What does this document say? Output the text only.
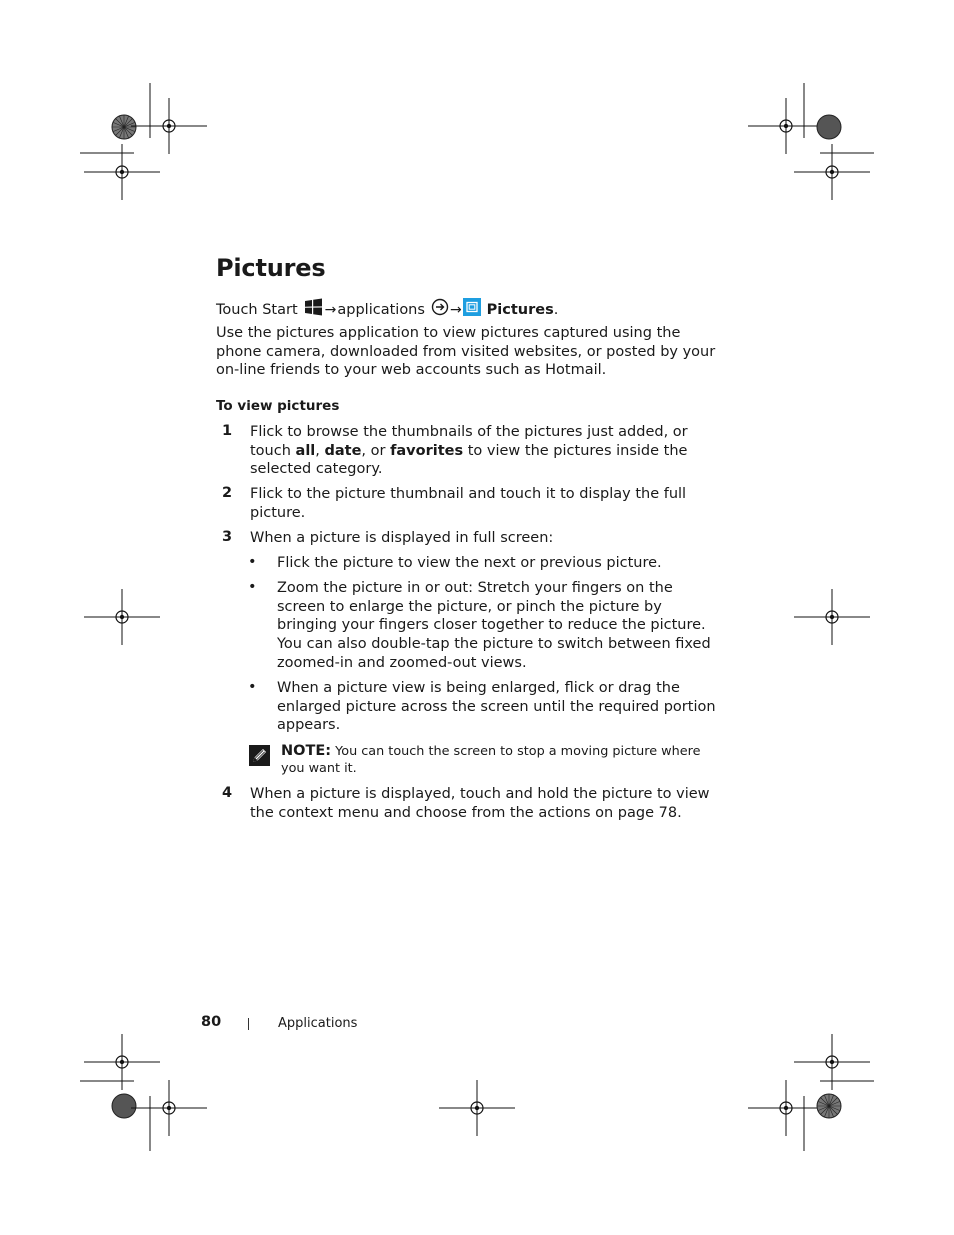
Pictures

Touch Start → applications → Pictures .

Use the pictures application to view pictures captured using the phone camera, downloaded from visited websites, or posted by your on-line friends to your web accounts such as Hotmail.

To view pictures
1 Flick to browse the thumbnails of the pictures just added, or touch all, date, or favorites to view the pictures inside the selected category.
2 Flick to the picture thumbnail and touch it to display the full picture.
3 When a picture is displayed in full screen:
• Flick the picture to view the next or previous picture.
• Zoom the picture in or out: Stretch your fingers on the screen to enlarge the picture, or pinch the picture by bringing your fingers closer together to reduce the picture. You can also double-tap the picture to switch between fixed zoomed-in and zoomed-out views.
• When a picture view is being enlarged, flick or drag the enlarged picture across the screen until the required portion appears.
NOTE: You can touch the screen to stop a moving picture where you want it.
4 When a picture is displayed, touch and hold the picture to view the context menu and choose from the actions on page 78.

80	Applications
